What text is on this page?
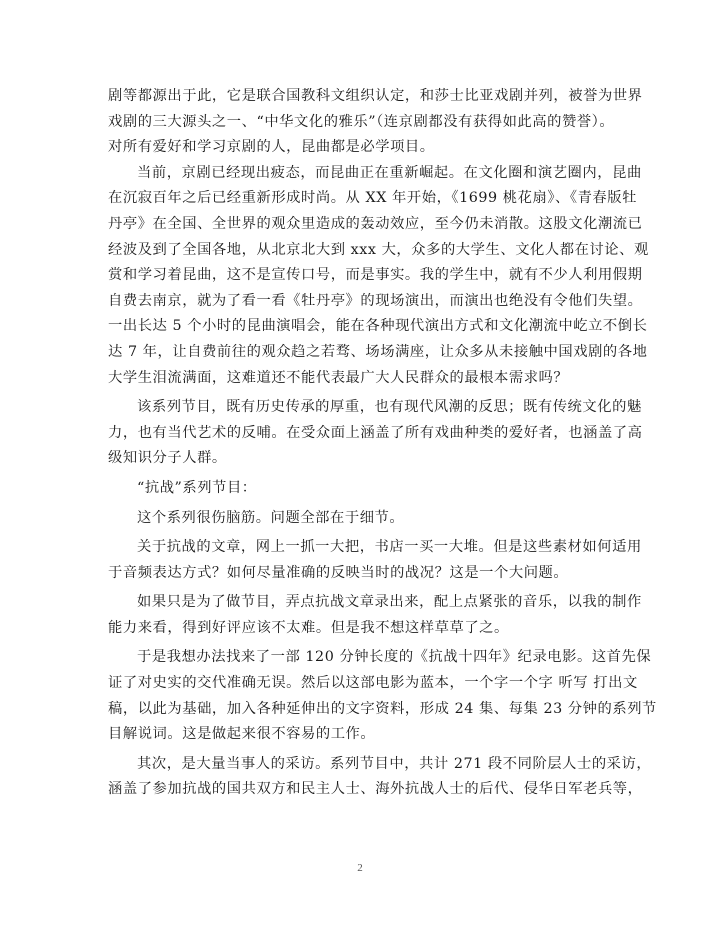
剧等都源出于此，它是联合国教科文组织认定，和莎士比亚戏剧并列，被誉为世界
戏剧的三大源头之一、“中华文化的雅乐”（连京剧都没有获得如此高的赞誉）。
对所有爱好和学习京剧的人，昆曲都是必学项目。
当前，京剧已经现出疲态，而昆曲正在重新崛起。在文化圈和演艺圈内，昆曲
在沉寂百年之后已经重新形成时尚。从 XX 年开始，《1699 桃花扇》、《青春版牡
丹亭》在全国、全世界的观众里造成的轰动效应，至今仍未消散。这股文化潮流已
经波及到了全国各地，从北京北大到 xxx 大，众多的大学生、文化人都在讨论、观
赏和学习着昆曲，这不是宣传口号，而是事实。我的学生中，就有不少人利用假期
自费去南京，就为了看一看《牡丹亭》的现场演出，而演出也绝没有令他们失望。
一出长达 5 个小时的昆曲演唱会，能在各种现代演出方式和文化潮流中屹立不倒长
达 7 年，让自费前往的观众趋之若骛、场场满座，让众多从未接触中国戏剧的各地
大学生泪流满面，这难道还不能代表最广大人民群众的最根本需求吗？
该系列节目，既有历史传承的厚重，也有现代风潮的反思；既有传统文化的魅
力，也有当代艺术的反哺。在受众面上涵盖了所有戏曲种类的爱好者，也涵盖了高
级知识分子人群。
“抗战”系列节目：
这个系列很伤脑筋。问题全部在于细节。
关于抗战的文章，网上一抓一大把，书店一买一大堆。但是这些素材如何适用
于音频表达方式？如何尽量准确的反映当时的战况？这是一个大问题。
如果只是为了做节目，弄点抗战文章录出来，配上点紧张的音乐，以我的制作
能力来看，得到好评应该不太难。但是我不想这样草草了之。
于是我想办法找来了一部 120 分钟长度的《抗战十四年》纪录电影。这首先保
证了对史实的交代准确无误。然后以这部电影为蓝本，一个字一个字 听写 打出文
稿，以此为基础，加入各种延伸出的文字资料，形成 24 集、每集 23 分钟的系列节
目解说词。这是做起来很不容易的工作。
其次，是大量当事人的采访。系列节目中，共计 271 段不同阶层人士的采访，
涵盖了参加抗战的国共双方和民主人士、海外抗战人士的后代、侵华日军老兵等，
2
